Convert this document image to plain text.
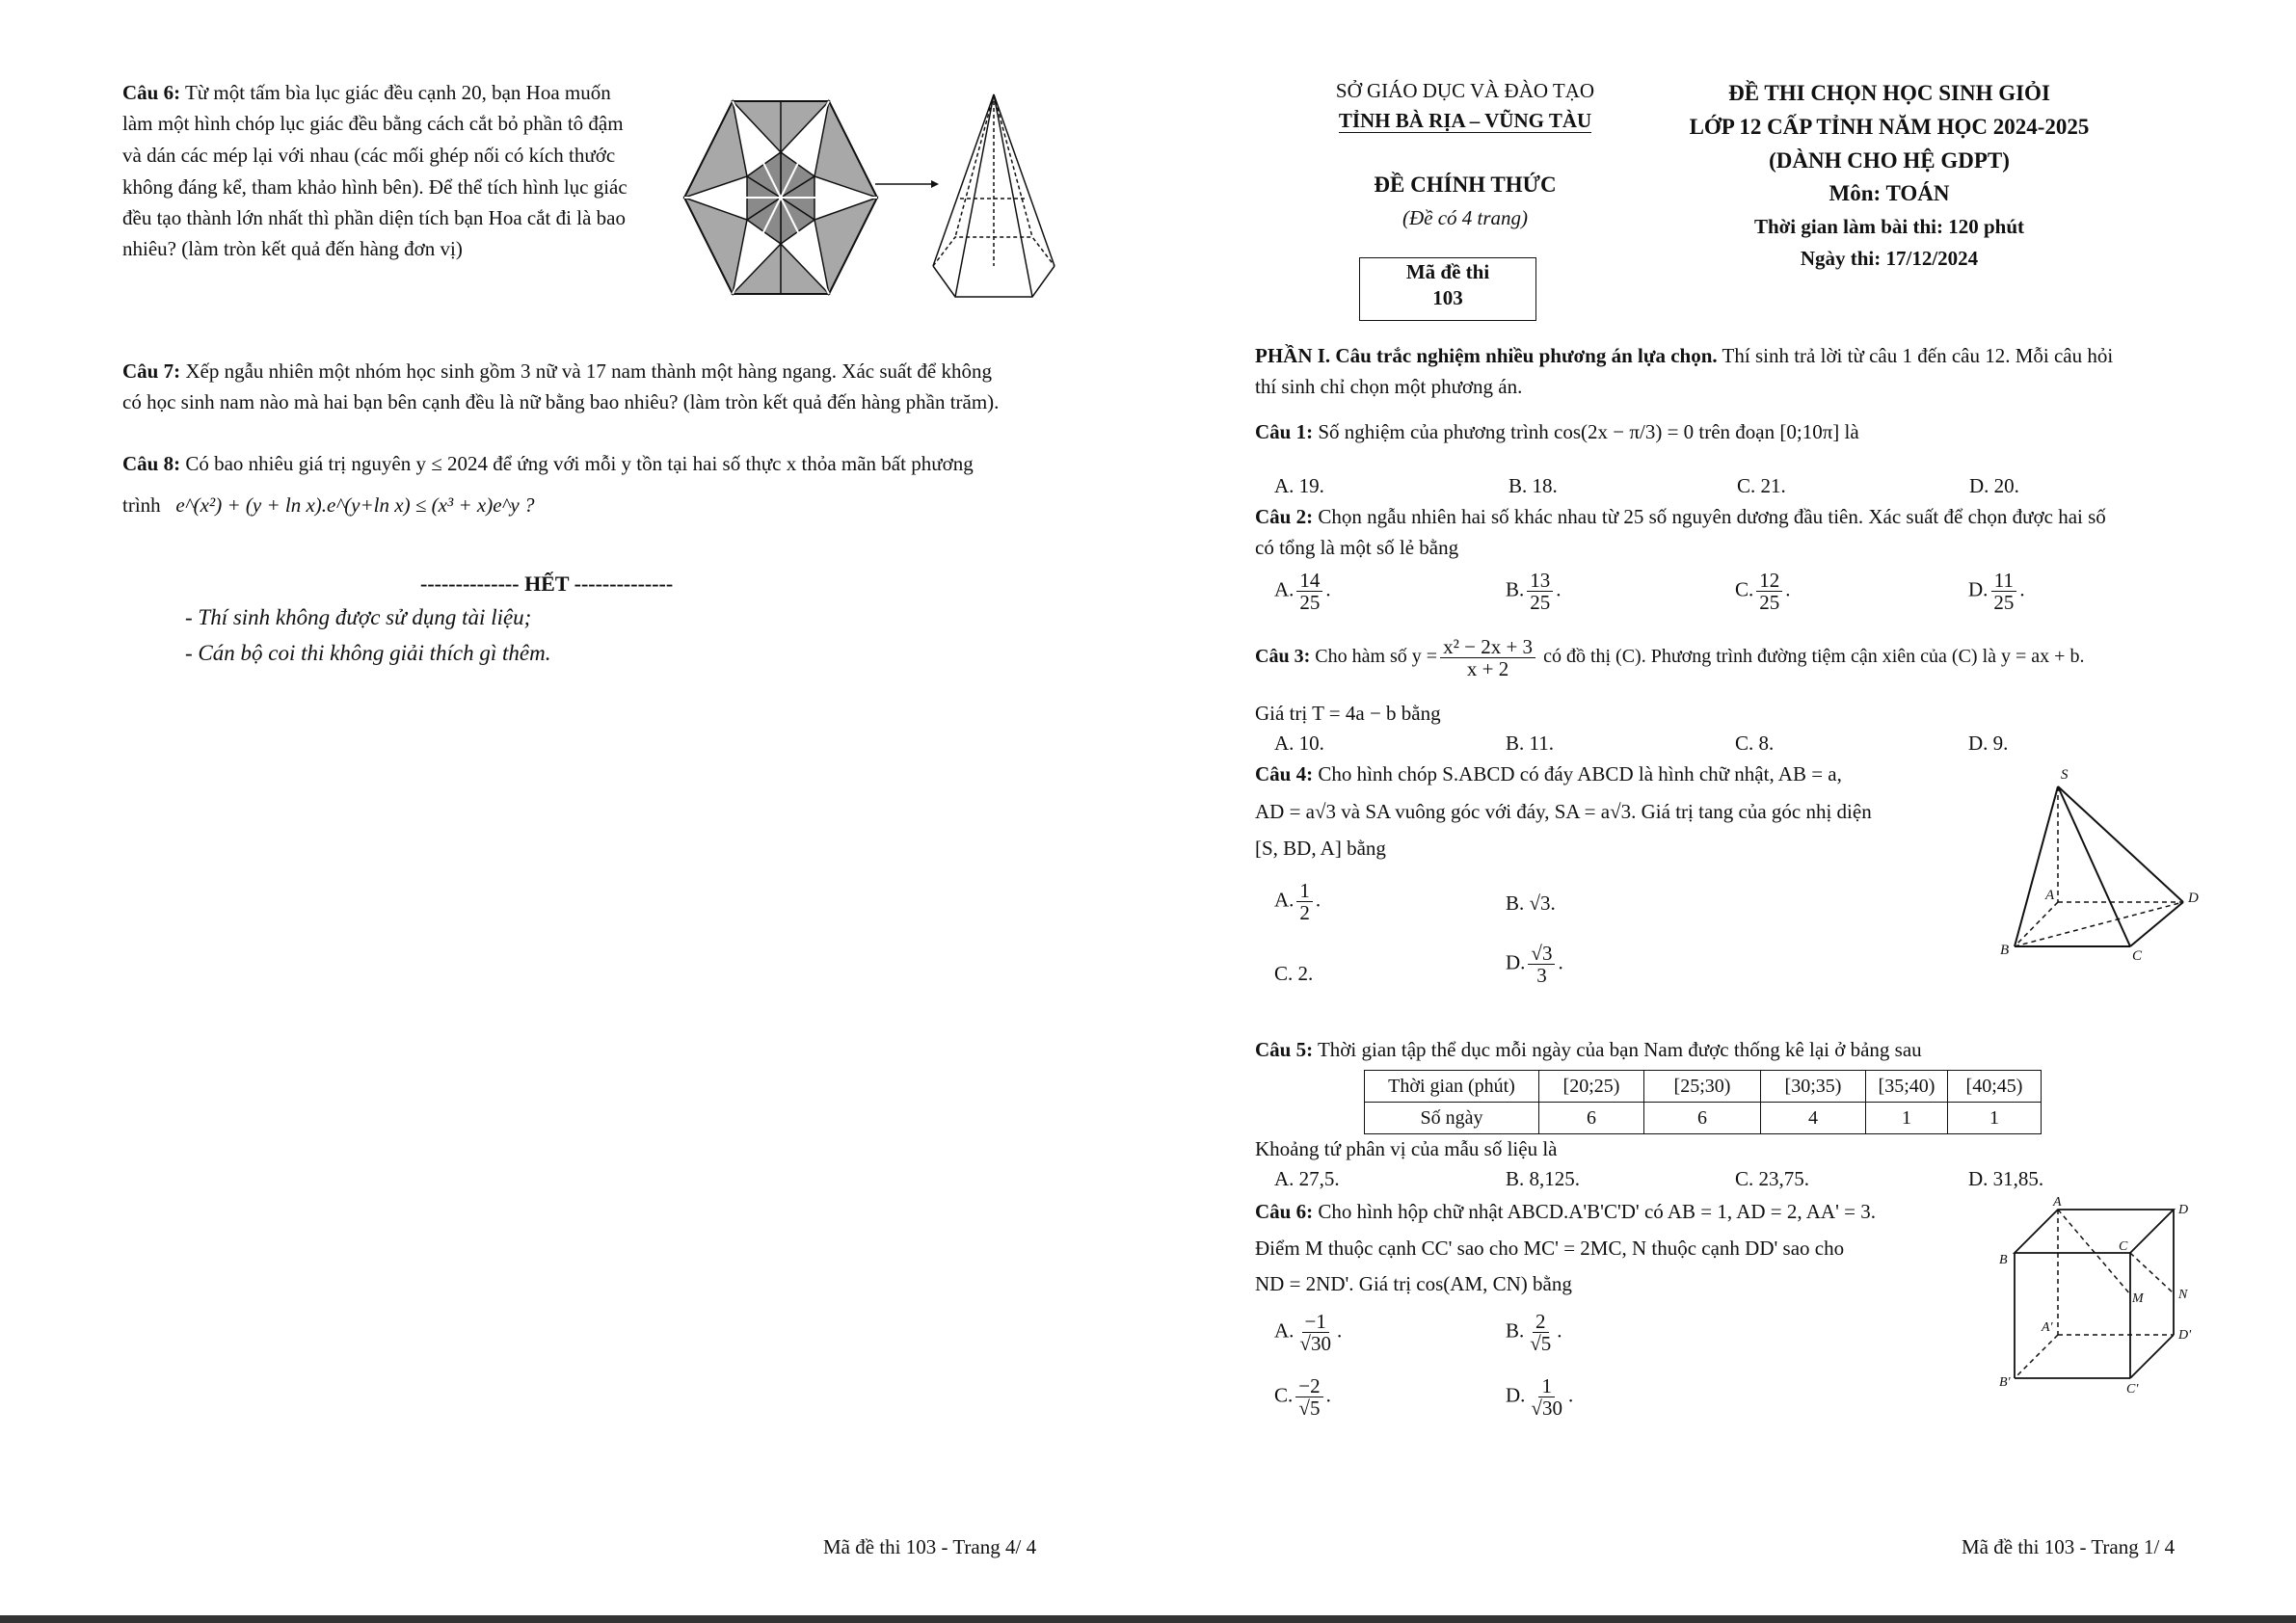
Câu 6: Từ một tấm bìa lục giác đều cạnh 20, bạn Hoa muốn
làm một hình chóp lục giác đều bằng cách cắt bỏ phần tô đậm
và dán các mép lại với nhau (các mối ghép nối có kích thước
không đáng kể, tham khảo hình bên). Để thể tích hình lục giác
đều tạo thành lớn nhất thì phần diện tích bạn Hoa cắt đi là bao
nhiêu? (làm tròn kết quả đến hàng đơn vị)
Câu 7: Xếp ngẫu nhiên một nhóm học sinh gồm 3 nữ và 17 nam thành một hàng ngang. Xác suất để không
có học sinh nam nào mà hai bạn bên cạnh đều là nữ bằng bao nhiêu? (làm tròn kết quả đến hàng phần trăm).
Câu 8: Có bao nhiêu giá trị nguyên y ≤ 2024 để ứng với mỗi y tồn tại hai số thực x thỏa mãn bất phương
trình e^(x²) + (y + ln x).e^(y+ln x) ≤ (x³ + x)e^y ?
-------------- HẾT --------------
- Thí sinh không được sử dụng tài liệu;
- Cán bộ coi thi không giải thích gì thêm.
Mã đề thi 103 - Trang 4/ 4
SỞ GIÁO DỤC VÀ ĐÀO TẠO
TỈNH BÀ RỊA – VŨNG TÀU
ĐỀ CHÍNH THỨC
(Đề có 4 trang)
Mã đề thi
103
ĐỀ THI CHỌN HỌC SINH GIỎI
LỚP 12 CẤP TỈNH NĂM HỌC 2024-2025
(DÀNH CHO HỆ GDPT)
Môn: TOÁN
Thời gian làm bài thi: 120 phút
Ngày thi: 17/12/2024
PHẦN I. Câu trắc nghiệm nhiều phương án lựa chọn. Thí sinh trả lời từ câu 1 đến câu 12. Mỗi câu hỏi
thí sinh chỉ chọn một phương án.
Câu 1: Số nghiệm của phương trình cos(2x − π/3) = 0 trên đoạn [0;10π] là
A. 19.	B. 18.	C. 21.	D. 20.
Câu 2: Chọn ngẫu nhiên hai số khác nhau từ 25 số nguyên dương đầu tiên. Xác suất để chọn được hai số
có tổng là một số lẻ bằng
A. $\frac{14}{25}$ .	B. $\frac{13}{25}$ .	C. $\frac{12}{25}$ .	D. $\frac{11}{25}$ .
Câu 3: Cho hàm số $y = \frac{\text{x² − 2x + 3}}{x + 2}$ có đồ thị (C). Phương trình đường tiệm cận xiên của (C) là y = ax + b.
Giá trị T = 4a − b bằng
A. 10.	B. 11.	C. 8.	D. 9.
Câu 4: Cho hình chóp S.ABCD có đáy ABCD là hình chữ nhật, AB = a,
AD = a√3 và SA vuông góc với đáy, SA = a√3. Giá trị tang của góc nhị diện
[S, BD, A] bằng
A. $\frac{1}{2}$ .	B. √3.
C. 2.	D. $\frac{√3}{3}$ .
S
A	D
B	C
Câu 5: Thời gian tập thể dục mỗi ngày của bạn Nam được thống kê lại ở bảng sau
Thời gian (phút)	[20;25)	[25;30)	[30;35)	[35;40)	[40;45)
Số ngày	6	6	4	1	1
Khoảng tứ phân vị của mẫu số liệu là
A. 27,5.	B. 8,125.	C. 23,75.	D. 31,85.
Câu 6: Cho hình hộp chữ nhật ABCD.A'B'C'D' có AB = 1, AD = 2, AA' = 3.
Điểm M thuộc cạnh CC' sao cho MC' = 2MC, N thuộc cạnh DD' sao cho
ND = 2ND'. Giá trị cos(AM, CN) bằng
A. $\frac{-1}{√30}$ .	B. $\frac{2}{√5}$ .
C. $\frac{-2}{√5}$ .	D. $\frac{1}{√30}$ .
A
D
B
C
M	N
A'
D'
B'	C'
Mã đề thi 103 - Trang 1/ 4
